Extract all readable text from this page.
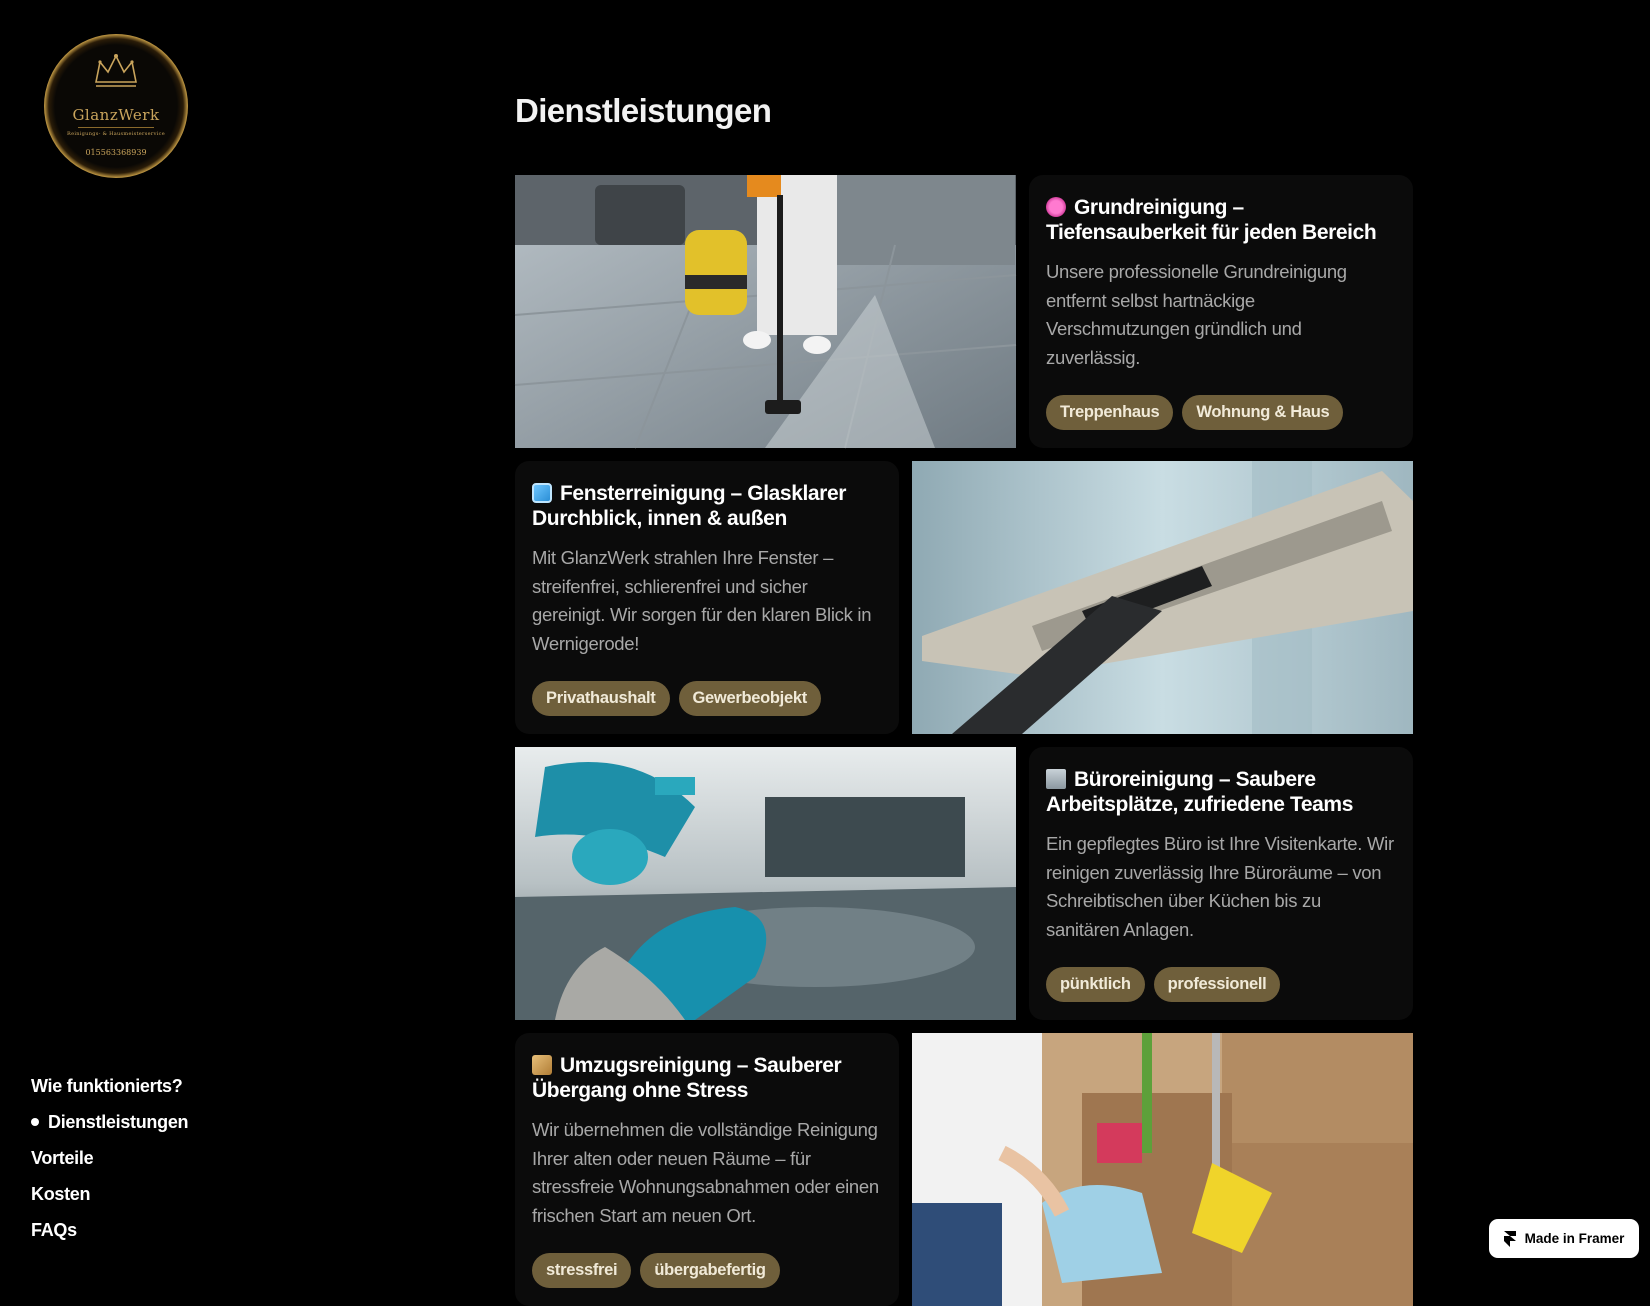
GlanzWerk
Reinigungs- & Hausmeisterservice
015563368939
Wie funktionierts?
Dienstleistungen
Vorteile
Kosten
FAQs
Dienstleistungen
Grundreinigung – Tiefensauberkeit für jeden Bereich
Unsere professionelle Grundreinigung entfernt selbst hartnäckige Verschmutzungen gründlich und zuverlässig.
Treppenhaus	Wohnung & Haus
Fensterreinigung – Glasklarer Durchblick, innen & außen
Mit GlanzWerk strahlen Ihre Fenster – streifenfrei, schlierenfrei und sicher gereinigt. Wir sorgen für den klaren Blick in Wernigerode!
Privathaushalt	Gewerbeobjekt
Büroreinigung – Saubere Arbeitsplätze, zufriedene Teams
Ein gepflegtes Büro ist Ihre Visitenkarte. Wir reinigen zuverlässig Ihre Büroräume – von Schreibtischen über Küchen bis zu sanitären Anlagen.
pünktlich	professionell
Umzugsreinigung – Sauberer Übergang ohne Stress
Wir übernehmen die vollständige Reinigung Ihrer alten oder neuen Räume – für stressfreie Wohnungsabnahmen oder einen frischen Start am neuen Ort.
stressfrei	übergabefertig
Made in Framer
